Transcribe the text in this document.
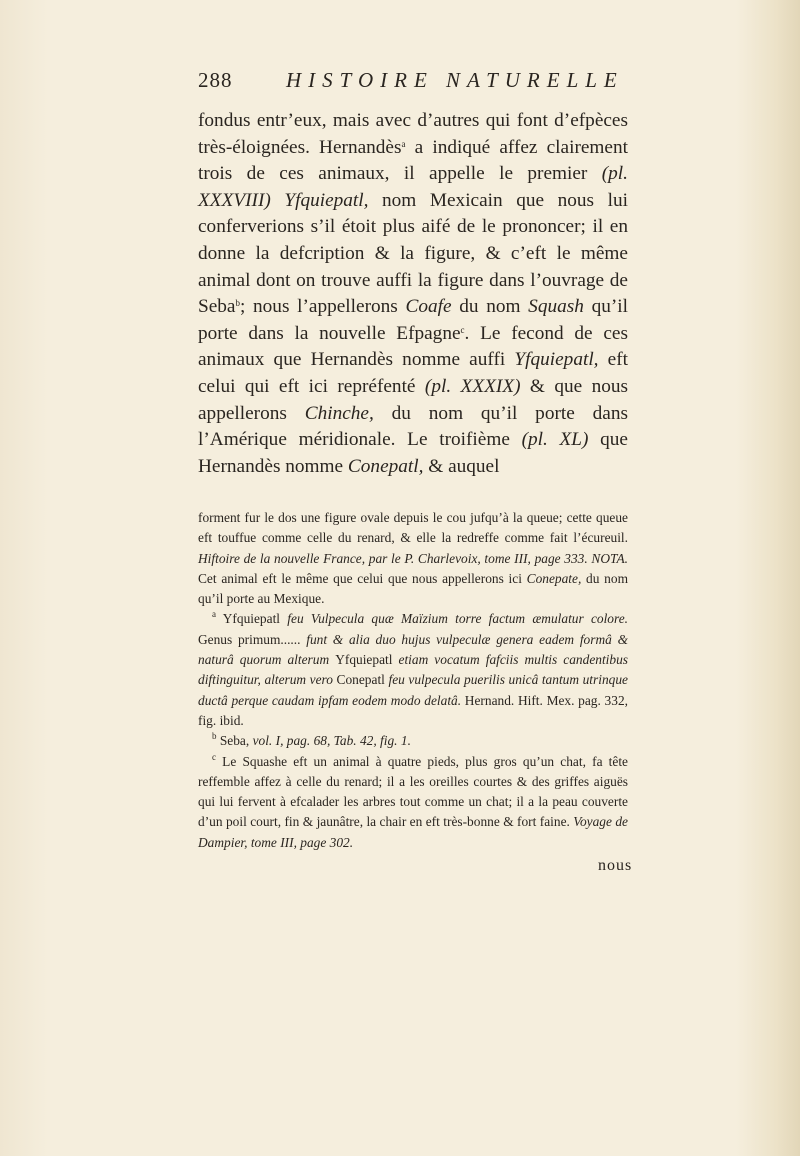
288	HISTOIRE NATURELLE

fondus entr’eux, mais avec d’autres qui font d’efpèces très-éloignées. Hernandès$^a$ a indiqué affez clairement trois de ces animaux, il appelle le premier (pl. XXXVIII) Yfquiepatl, nom Mexicain que nous lui conferverions s’il étoit plus aifé de le prononcer; il en donne la defcription & la figure, & c’eft le même animal dont on trouve auffi la figure dans l’ouvrage de Seba$^b$; nous l’appellerons Coafe du nom Squash qu’il porte dans la nouvelle Efpagne$^c$. Le fecond de ces animaux que Hernandès nomme auffi Yfquiepatl, eft celui qui eft ici repréfenté (pl. XXXIX) & que nous appellerons Chinche, du nom qu’il porte dans l’Amérique méridionale. Le troifième (pl. XL) que Hernandès nomme Conepatl, & auquel

forment fur le dos une figure ovale depuis le cou jufqu’à la queue; cette queue eft touffue comme celle du renard, & elle la redreffe comme fait l’écureuil. Hiftoire de la nouvelle France, par le P. Charlevoix, tome III, page 333. NOTA. Cet animal eft le même que celui que nous appellerons ici Conepate, du nom qu’il porte au Mexique.

$^a$ Yfquiepatl feu Vulpecula quæ Maïzium torre factum æmulatur colore. Genus primum...... funt & alia duo hujus vulpeculæ genera eadem formâ & naturâ quorum alterum Yfquiepatl etiam vocatum fafciis multis candentibus diftinguitur, alterum vero Conepatl feu vulpecula puerilis unicâ tantum utrinque ductâ perque caudam ipfam eodem modo delatâ. Hernand. Hift. Mex. pag. 332, fig. ibid.

$^b$ Seba, vol. I, pag. 68, Tab. 42, fig. 1.

$^c$ Le Squashe eft un animal à quatre pieds, plus gros qu’un chat, fa tête reffemble affez à celle du renard; il a les oreilles courtes & des griffes aiguës qui lui fervent à efcalader les arbres tout comme un chat; il a la peau couverte d’un poil court, fin & jaunâtre, la chair en eft très-bonne & fort faine. Voyage de Dampier, tome III, page 302.

nous
